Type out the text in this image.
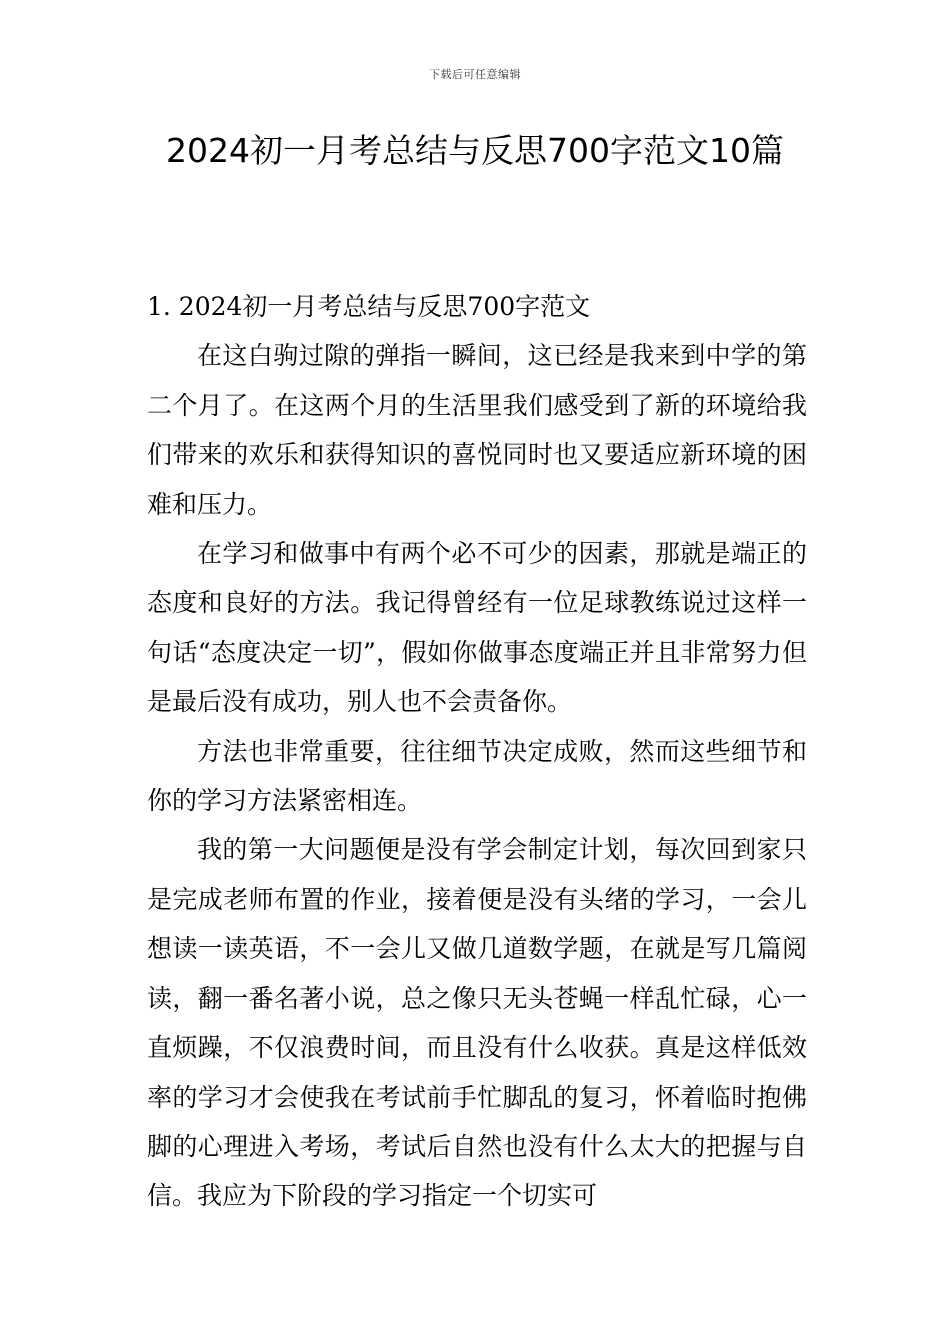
下载后可任意编辑
2024初一月考总结与反思700字范文10篇

1. 2024初一月考总结与反思700字范文

在这白驹过隙的弹指一瞬间，这已经是我来到中学的第二个月了。在这两个月的生活里我们感受到了新的环境给我们带来的欢乐和获得知识的喜悦同时也又要适应新环境的困难和压力。

在学习和做事中有两个必不可少的因素，那就是端正的态度和良好的方法。我记得曾经有一位足球教练说过这样一句话“态度决定一切”，假如你做事态度端正并且非常努力但是最后没有成功，别人也不会责备你。

方法也非常重要，往往细节决定成败，然而这些细节和你的学习方法紧密相连。

我的第一大问题便是没有学会制定计划，每次回到家只是完成老师布置的作业，接着便是没有头绪的学习，一会儿想读一读英语，不一会儿又做几道数学题，在就是写几篇阅读，翻一番名著小说，总之像只无头苍蝇一样乱忙碌，心一直烦躁，不仅浪费时间，而且没有什么收获。真是这样低效率的学习才会使我在考试前手忙脚乱的复习，怀着临时抱佛脚的心理进入考场，考试后自然也没有什么太大的把握与自信。我应为下阶段的学习指定一个切实可
